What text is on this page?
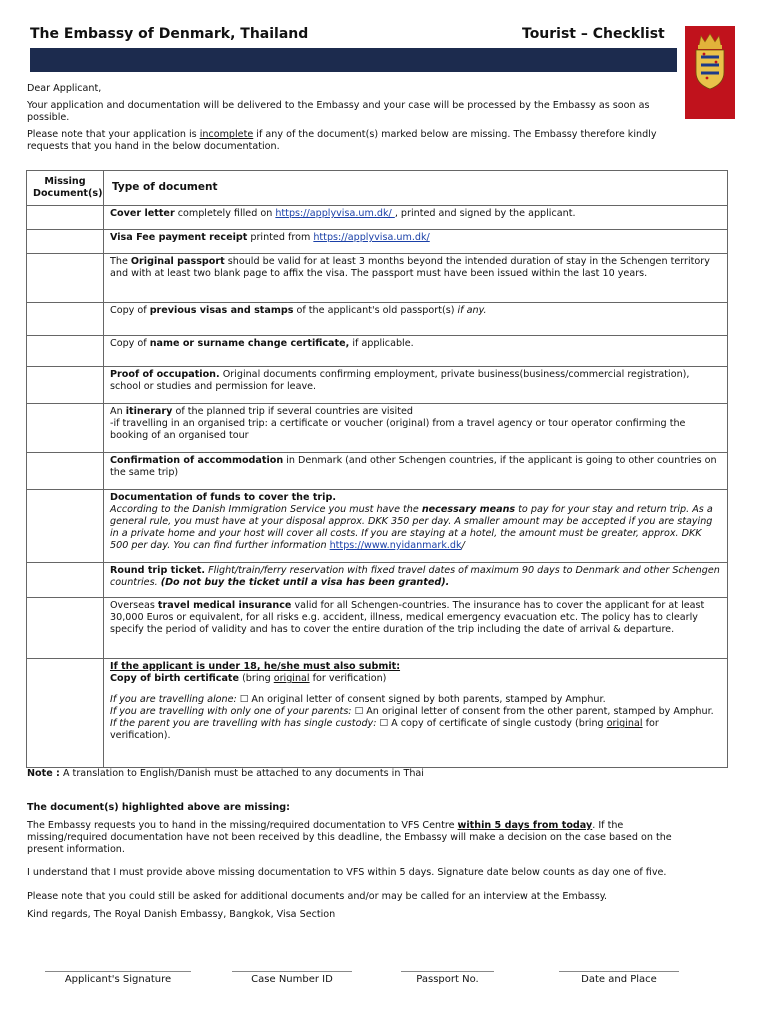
The Embassy of Denmark, Thailand	Tourist – Checklist
Dear Applicant,
Your application and documentation will be delivered to the Embassy and your case will be processed by the Embassy as soon as possible.
Please note that your application is incomplete if any of the document(s) marked below are missing. The Embassy therefore kindly requests that you hand in the below documentation.
Missing Document(s)	Type of document
	Cover letter completely filled on https://applyvisa.um.dk/ , printed and signed by the applicant.
	Visa Fee payment receipt printed from https://applyvisa.um.dk/
	The Original passport should be valid for at least 3 months beyond the intended duration of stay in the Schengen territory and with at least two blank page to affix the visa. The passport must have been issued within the last 10 years.
	Copy of previous visas and stamps of the applicant's old passport(s) if any.
	Copy of name or surname change certificate, if applicable.
	Proof of occupation. Original documents confirming employment, private business(business/commercial registration), school or studies and permission for leave.
	An itinerary of the planned trip if several countries are visited
-if travelling in an organised trip: a certificate or voucher (original) from a travel agency or tour operator confirming the booking of an organised tour
	Confirmation of accommodation in Denmark (and other Schengen countries, if the applicant is going to other countries on the same trip)
	Documentation of funds to cover the trip.
According to the Danish Immigration Service you must have the necessary means to pay for your stay and return trip. As a general rule, you must have at your disposal approx. DKK 350 per day. A smaller amount may be accepted if you are staying in a private home and your host will cover all costs. If you are staying at a hotel, the amount must be greater, approx. DKK 500 per day. You can find further information https://www.nyidanmark.dk/
	Round trip ticket. Flight/train/ferry reservation with fixed travel dates of maximum 90 days to Denmark and other Schengen countries. (Do not buy the ticket until a visa has been granted).
	Overseas travel medical insurance valid for all Schengen-countries. The insurance has to cover the applicant for at least 30,000 Euros or equivalent, for all risks e.g. accident, illness, medical emergency evacuation etc. The policy has to clearly specify the period of validity and has to cover the entire duration of the trip including the date of arrival & departure.
	If the applicant is under 18, he/she must also submit:
Copy of birth certificate (bring original for verification)
If you are travelling alone: ☐ An original letter of consent signed by both parents, stamped by Amphur.
If you are travelling with only one of your parents: ☐ An original letter of consent from the other parent, stamped by Amphur.
If the parent you are travelling with has single custody: ☐ A copy of certificate of single custody (bring original for verification).
Note : A translation to English/Danish must be attached to any documents in Thai
The document(s) highlighted above are missing:
The Embassy requests you to hand in the missing/required documentation to VFS Centre within 5 days from today. If the missing/required documentation have not been received by this deadline, the Embassy will make a decision on the case based on the present information.
I understand that I must provide above missing documentation to VFS within 5 days. Signature date below counts as day one of five.
Please note that you could still be asked for additional documents and/or may be called for an interview at the Embassy.
Kind regards, The Royal Danish Embassy, Bangkok, Visa Section
Applicant's Signature	Case Number ID	Passport No.	Date and Place
